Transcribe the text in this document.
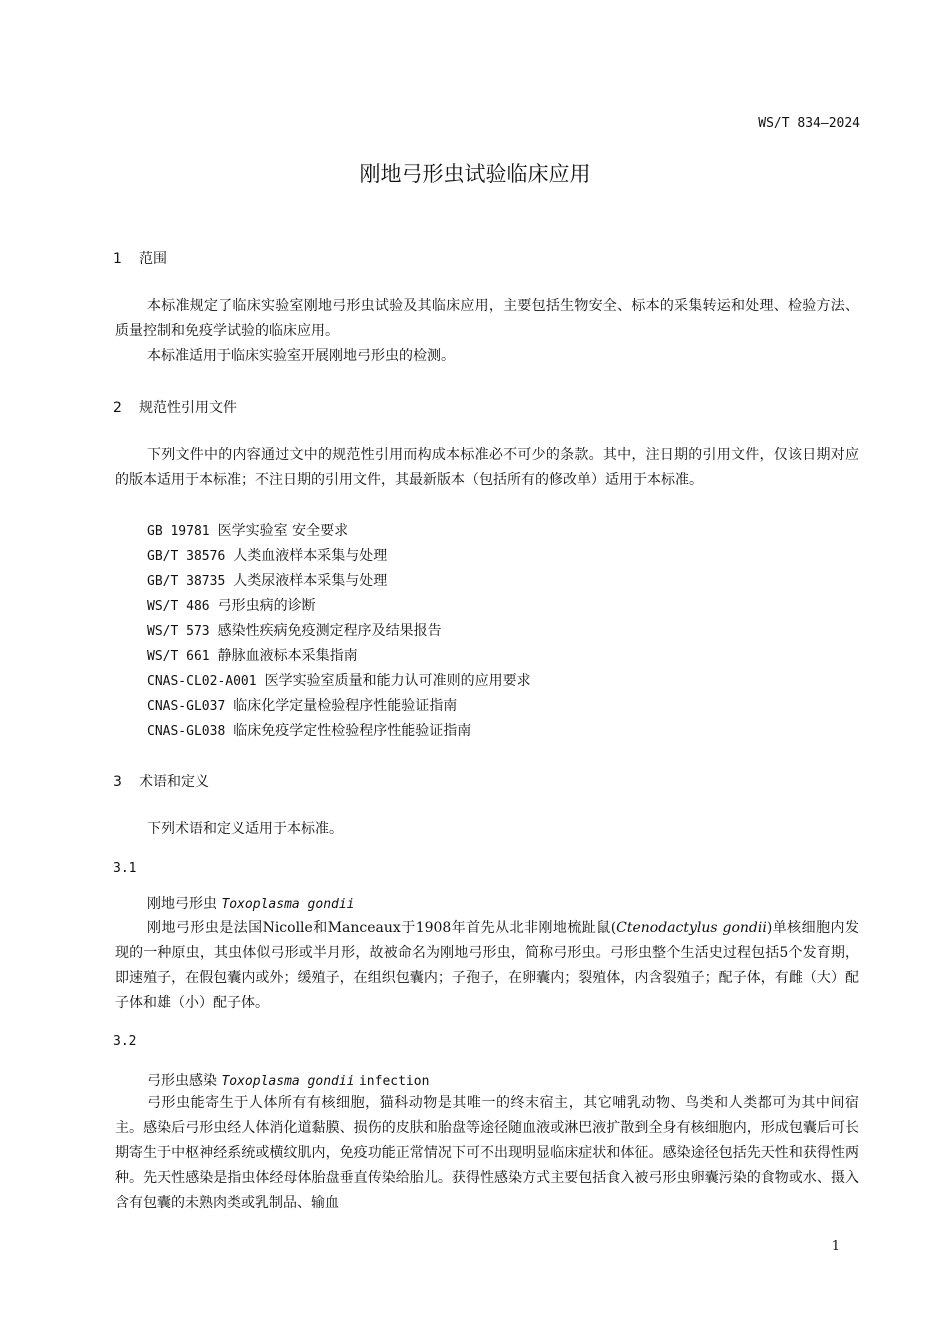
WS/T 834—2024
刚地弓形虫试验临床应用
1 范围

本标准规定了临床实验室刚地弓形虫试验及其临床应用，主要包括生物安全、标本的采集转运和处理、检验方法、质量控制和免疫学试验的临床应用。

本标准适用于临床实验室开展刚地弓形虫的检测。

2 规范性引用文件

下列文件中的内容通过文中的规范性引用而构成本标准必不可少的条款。其中，注日期的引用文件，仅该日期对应的版本适用于本标准；不注日期的引用文件，其最新版本（包括所有的修改单）适用于本标准。

GB 19781 医学实验室 安全要求
GB/T 38576 人类血液样本采集与处理
GB/T 38735 人类尿液样本采集与处理
WS/T 486 弓形虫病的诊断
WS/T 573 感染性疾病免疫测定程序及结果报告
WS/T 661 静脉血液标本采集指南
CNAS-CL02-A001 医学实验室质量和能力认可准则的应用要求
CNAS-GL037 临床化学定量检验程序性能验证指南
CNAS-GL038 临床免疫学定性检验程序性能验证指南
3 术语和定义

下列术语和定义适用于本标准。

3.1
刚地弓形虫 Toxoplasma gondii

刚地弓形虫是法国Nicolle和Manceaux于1908年首先从北非刚地梳趾鼠(Ctenodactylus gondii)单核细胞内发现的一种原虫，其虫体似弓形或半月形，故被命名为刚地弓形虫，简称弓形虫。弓形虫整个生活史过程包括5个发育期，即速殖子，在假包囊内或外；缓殖子，在组织包囊内；子孢子，在卵囊内；裂殖体，内含裂殖子；配子体，有雌（大）配子体和雄（小）配子体。

3.2
弓形虫感染 Toxoplasma gondii infection

弓形虫能寄生于人体所有有核细胞，猫科动物是其唯一的终末宿主，其它哺乳动物、鸟类和人类都可为其中间宿主。感染后弓形虫经人体消化道黏膜、损伤的皮肤和胎盘等途径随血液或淋巴液扩散到全身有核细胞内，形成包囊后可长期寄生于中枢神经系统或横纹肌内，免疫功能正常情况下可不出现明显临床症状和体征。感染途径包括先天性和获得性两种。先天性感染是指虫体经母体胎盘垂直传染给胎儿。获得性感染方式主要包括食入被弓形虫卵囊污染的食物或水、摄入含有包囊的未熟肉类或乳制品、输血

1
